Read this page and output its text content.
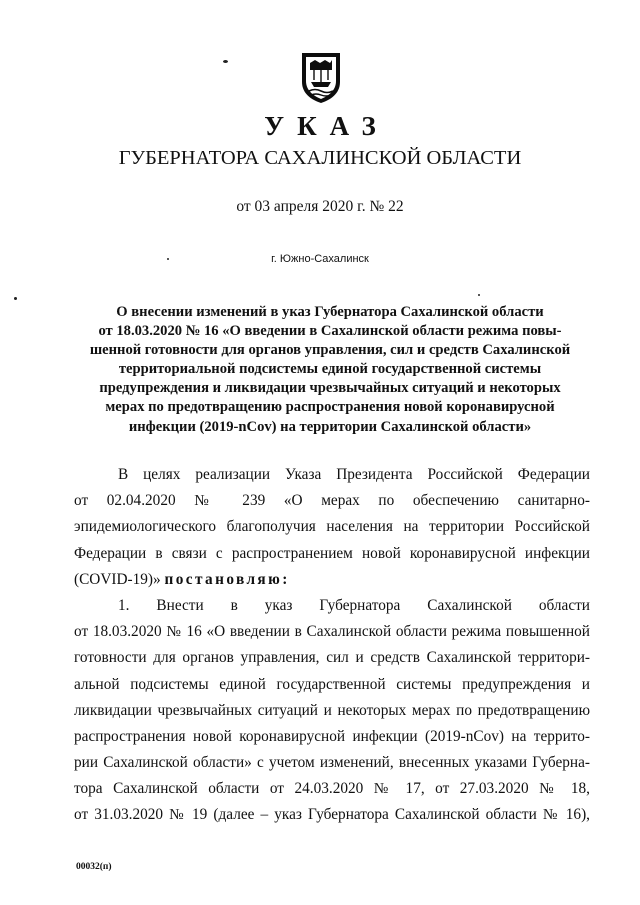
УКАЗ
ГУБЕРНАТОРА САХАЛИНСКОЙ ОБЛАСТИ
от 03 апреля 2020 г. № 22
г. Южно-Сахалинск
О внесении изменений в указ Губернатора Сахалинской области
от 18.03.2020 № 16 «О введении в Сахалинской области режима повы-
шенной готовности для органов управления, сил и средств Сахалинской
территориальной подсистемы единой государственной системы
предупреждения и ликвидации чрезвычайных ситуаций и некоторых
мерах по предотвращению распространения новой коронавирусной
инфекции (2019-nCov) на территории Сахалинской области»
В целях реализации Указа Президента Российской Федерации
от 02.04.2020 № 239 «О мерах по обеспечению санитарно-
эпидемиологического благополучия населения на территории Российской
Федерации в связи с распространением новой коронавирусной инфекции
(COVID-19)» постановляю:
1. Внести в указ Губернатора Сахалинской области
от 18.03.2020 № 16 «О введении в Сахалинской области режима повышенной
готовности для органов управления, сил и средств Сахалинской территори-
альной подсистемы единой государственной системы предупреждения и
ликвидации чрезвычайных ситуаций и некоторых мерах по предотвращению
распространения новой коронавирусной инфекции (2019-nCov) на террито-
рии Сахалинской области» с учетом изменений, внесенных указами Губерна-
тора Сахалинской области от 24.03.2020 № 17, от 27.03.2020 № 18,
от 31.03.2020 № 19 (далее – указ Губернатора Сахалинской области № 16),
00032(п)
